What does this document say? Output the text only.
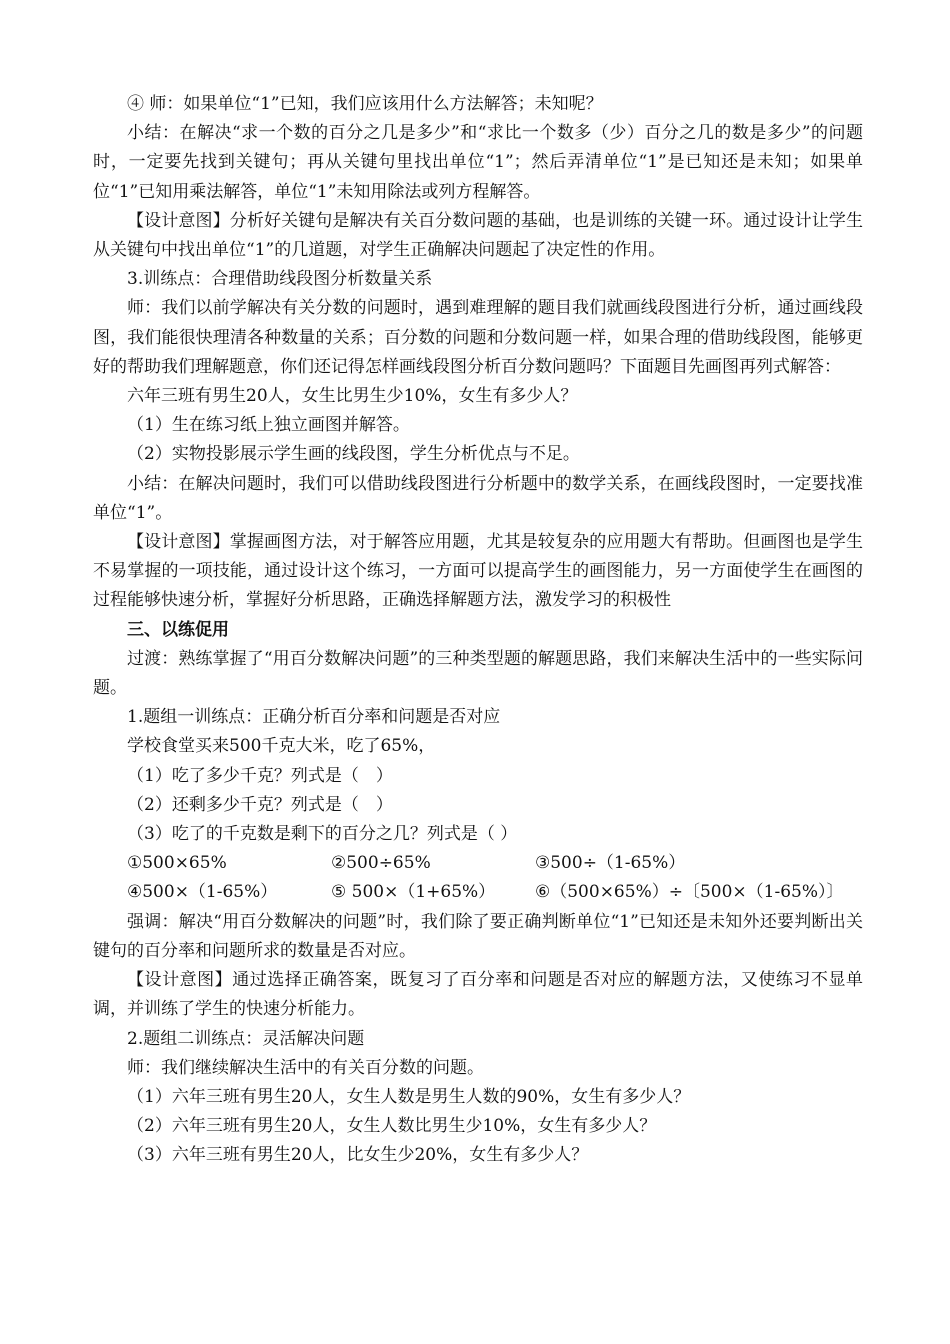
④ 师：如果单位“1”已知，我们应该用什么方法解答；未知呢？

小结：在解决“求一个数的百分之几是多少”和“求比一个数多（少）百分之几的数是多少”的问题时，一定要先找到关键句；再从关键句里找出单位“1”；然后弄清单位“1”是已知还是未知；如果单位“1”已知用乘法解答，单位“1”未知用除法或列方程解答。

【设计意图】分析好关键句是解决有关百分数问题的基础，也是训练的关键一环。通过设计让学生从关键句中找出单位“1”的几道题，对学生正确解决问题起了决定性的作用。

3.训练点：合理借助线段图分析数量关系

师：我们以前学解决有关分数的问题时，遇到难理解的题目我们就画线段图进行分析，通过画线段图，我们能很快理清各种数量的关系；百分数的问题和分数问题一样，如果合理的借助线段图，能够更好的帮助我们理解题意，你们还记得怎样画线段图分析百分数问题吗？下面题目先画图再列式解答：

六年三班有男生20人，女生比男生少10%，女生有多少人？

（1）生在练习纸上独立画图并解答。

（2）实物投影展示学生画的线段图，学生分析优点与不足。

小结：在解决问题时，我们可以借助线段图进行分析题中的数学关系，在画线段图时，一定要找准单位“1”。

【设计意图】掌握画图方法，对于解答应用题，尤其是较复杂的应用题大有帮助。但画图也是学生不易掌握的一项技能，通过设计这个练习，一方面可以提高学生的画图能力，另一方面使学生在画图的过程能够快速分析，掌握好分析思路，正确选择解题方法，激发学习的积极性

三、以练促用

过渡：熟练掌握了“用百分数解决问题”的三种类型题的解题思路，我们来解决生活中的一些实际问题。

1.题组一训练点：正确分析百分率和问题是否对应

学校食堂买来500千克大米，吃了65%，

（1）吃了多少千克？列式是（　）

（2）还剩多少千克？列式是（　）

（3）吃了的千克数是剩下的百分之几？列式是（ ）

①500×65%	②500÷65%	③500÷（1-65%）
④500×（1-65%）	⑤ 500×（1+65%）	⑥（500×65%）÷〔500×（1-65%）〕

强调：解决“用百分数解决的问题”时，我们除了要正确判断单位“1”已知还是未知外还要判断出关键句的百分率和问题所求的数量是否对应。

【设计意图】通过选择正确答案，既复习了百分率和问题是否对应的解题方法，又使练习不显单调，并训练了学生的快速分析能力。

2.题组二训练点：灵活解决问题

师：我们继续解决生活中的有关百分数的问题。

（1）六年三班有男生20人，女生人数是男生人数的90%，女生有多少人？

（2）六年三班有男生20人，女生人数比男生少10%，女生有多少人？

（3）六年三班有男生20人，比女生少20%，女生有多少人？
